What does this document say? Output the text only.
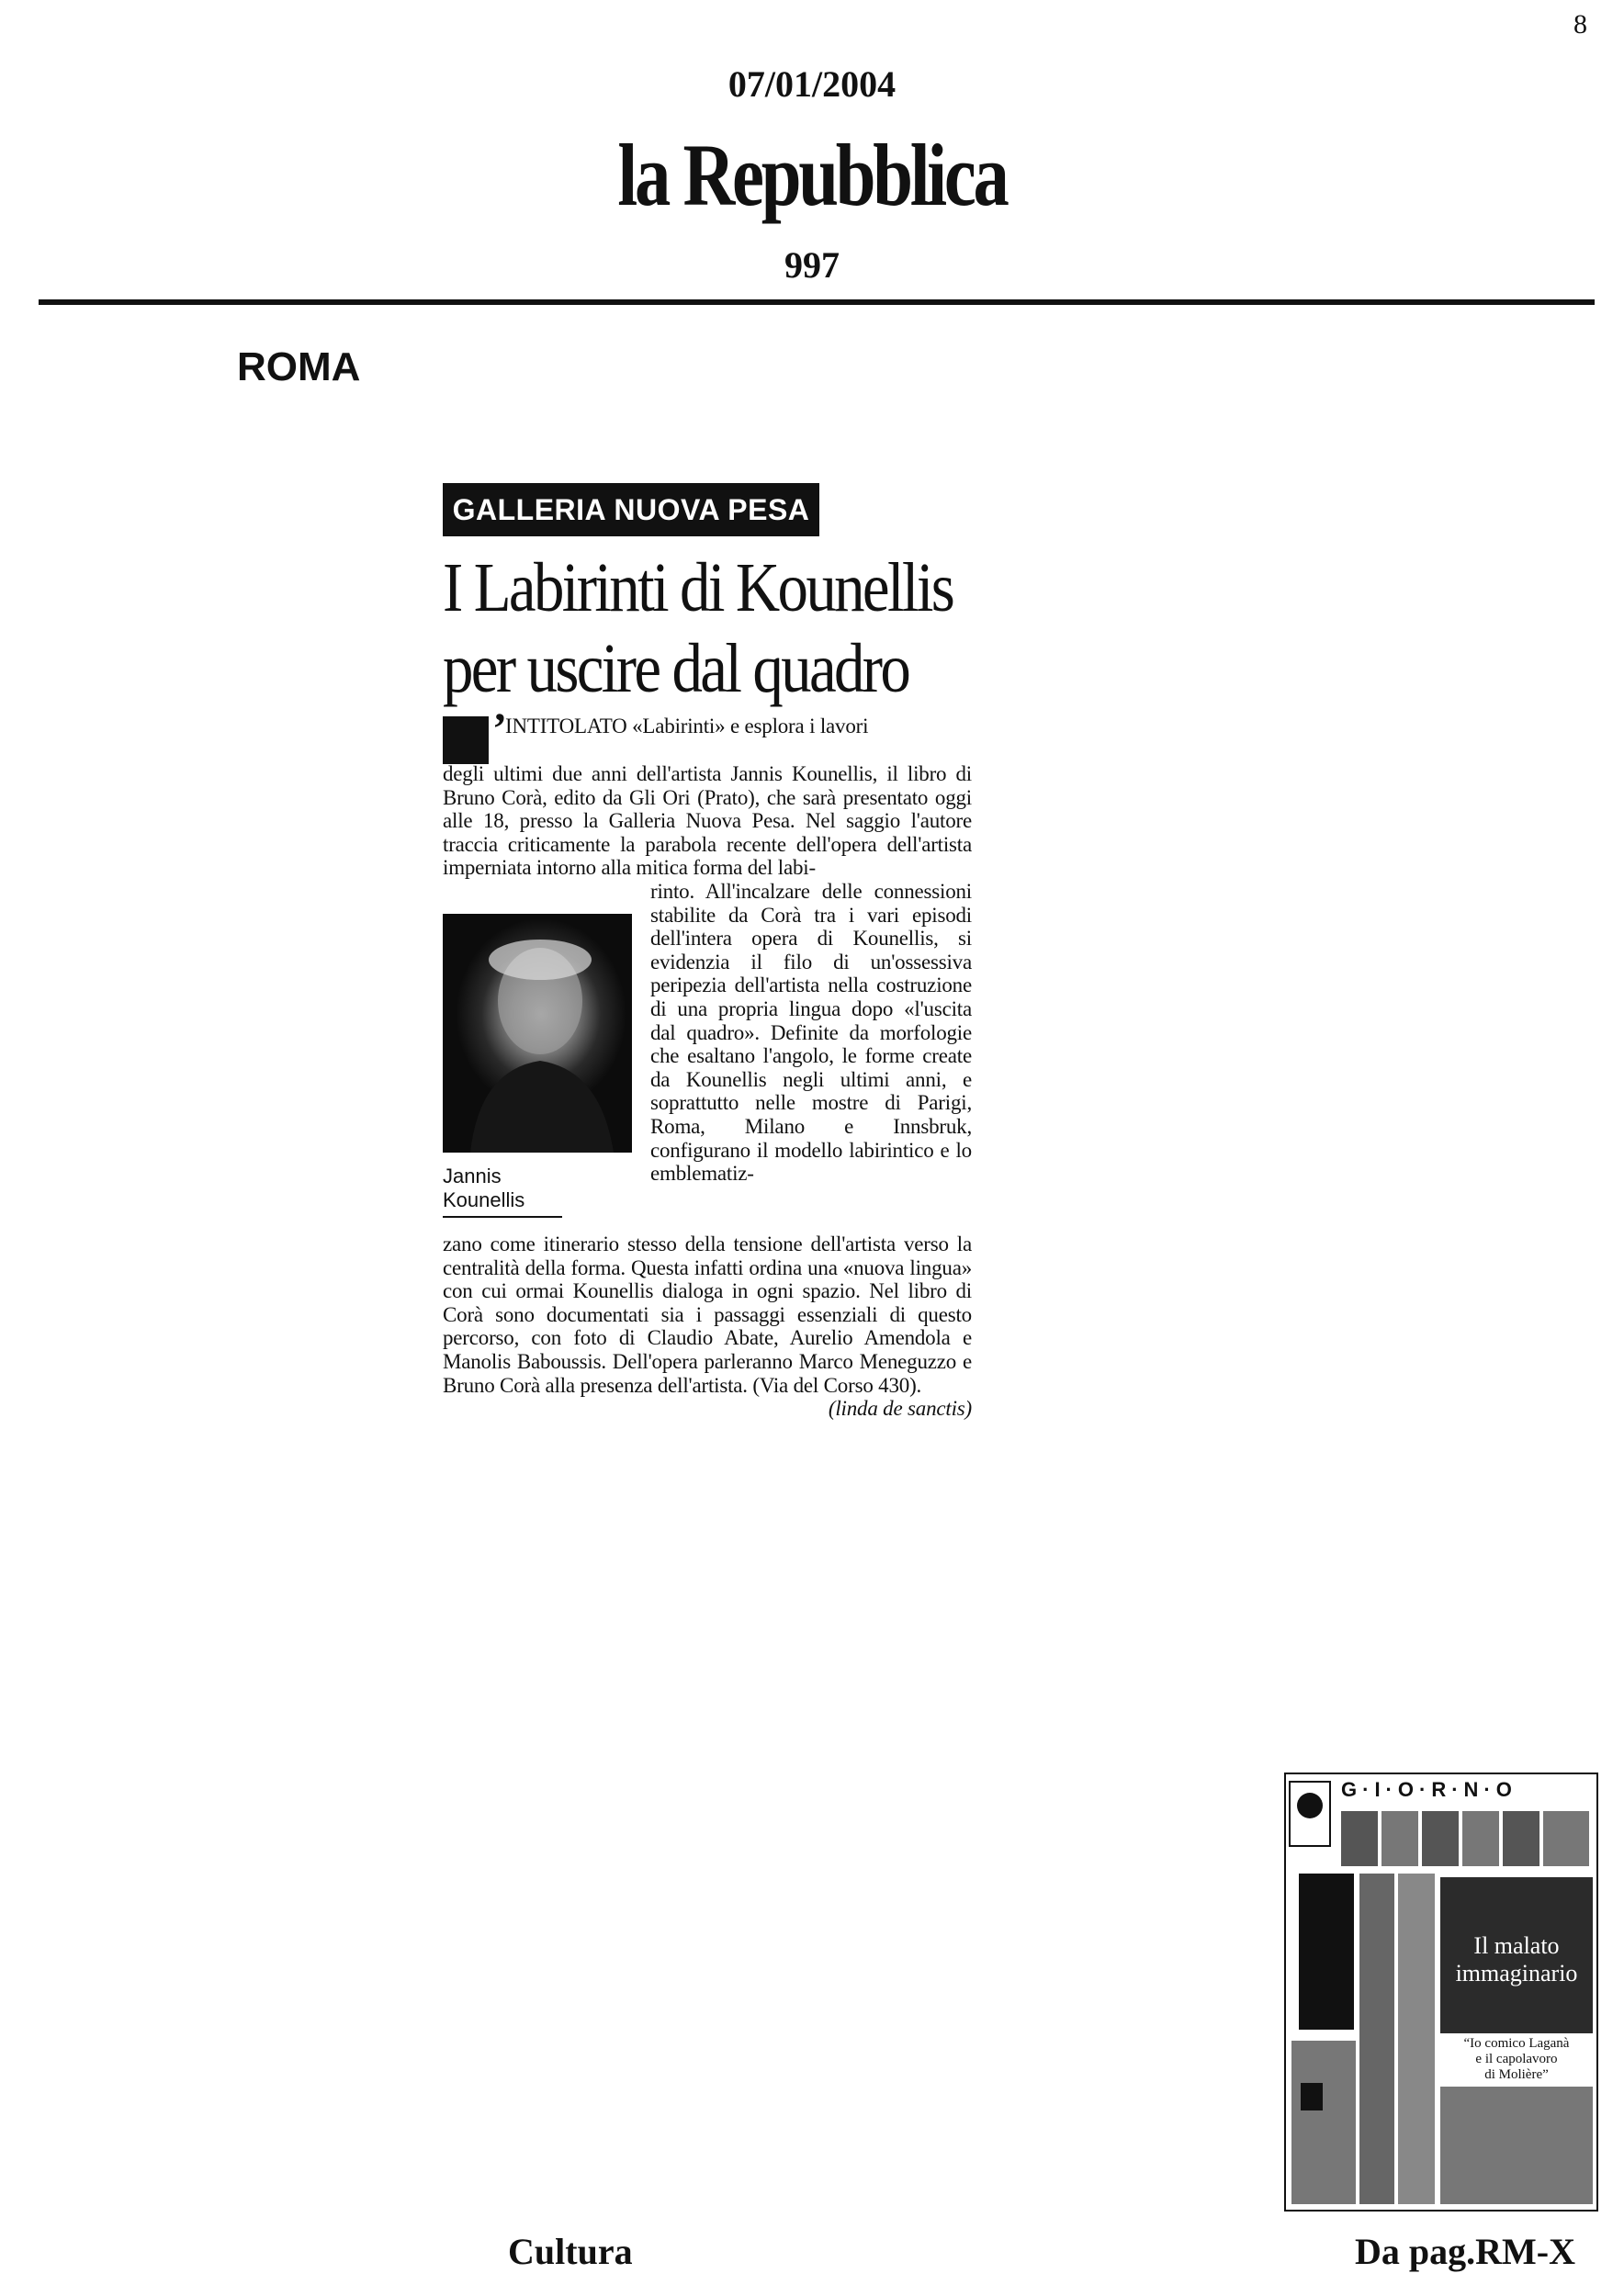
8
07/01/2004
la Repubblica
997
ROMA
GALLERIA NUOVA PESA
I Labirinti di Kounellis
per uscire dal quadro
’
INTITOLATO «Labirinti» e esplora i lavori
degli ultimi due anni dell'artista Jannis Kounellis, il libro di Bruno Corà, edito da Gli Ori (Prato), che sarà presentato oggi alle 18, presso la Galleria Nuova Pesa. Nel saggio l'autore traccia criticamente la parabola recente dell'opera dell'artista imperniata intorno alla mitica forma del labi-
Jannis
Kounellis
rinto. All'incalzare delle connessioni stabilite da Corà tra i vari episodi dell'intera opera di Kounellis, si evidenzia il filo di un'ossessiva peripezia dell'artista nella costruzione di una propria lingua dopo «l'uscita dal quadro». Definite da morfologie che esaltano l'angolo, le forme create da Kounellis negli ultimi anni, e soprattutto nelle mostre di Parigi, Roma, Milano e Innsbruk, configurano il modello labirintico e lo emblematiz-
zano come itinerario stesso della tensione dell'artista verso la centralità della forma. Questa infatti ordina una «nuova lingua» con cui ormai Kounellis dialoga in ogni spazio. Nel libro di Corà sono documentati sia i passaggi essenziali di questo percorso, con foto di Claudio Abate, Aurelio Amendola e Manolis Baboussis. Dell'opera parleranno Marco Meneguzzo e Bruno Corà alla presenza dell'artista. (Via del Corso 430).
(linda de sanctis)
G·I·O·R·N·O
Il malato
immaginario
“Io comico Laganà
e il capolavoro
di Molière”
Cultura	Da pag.RM-X
